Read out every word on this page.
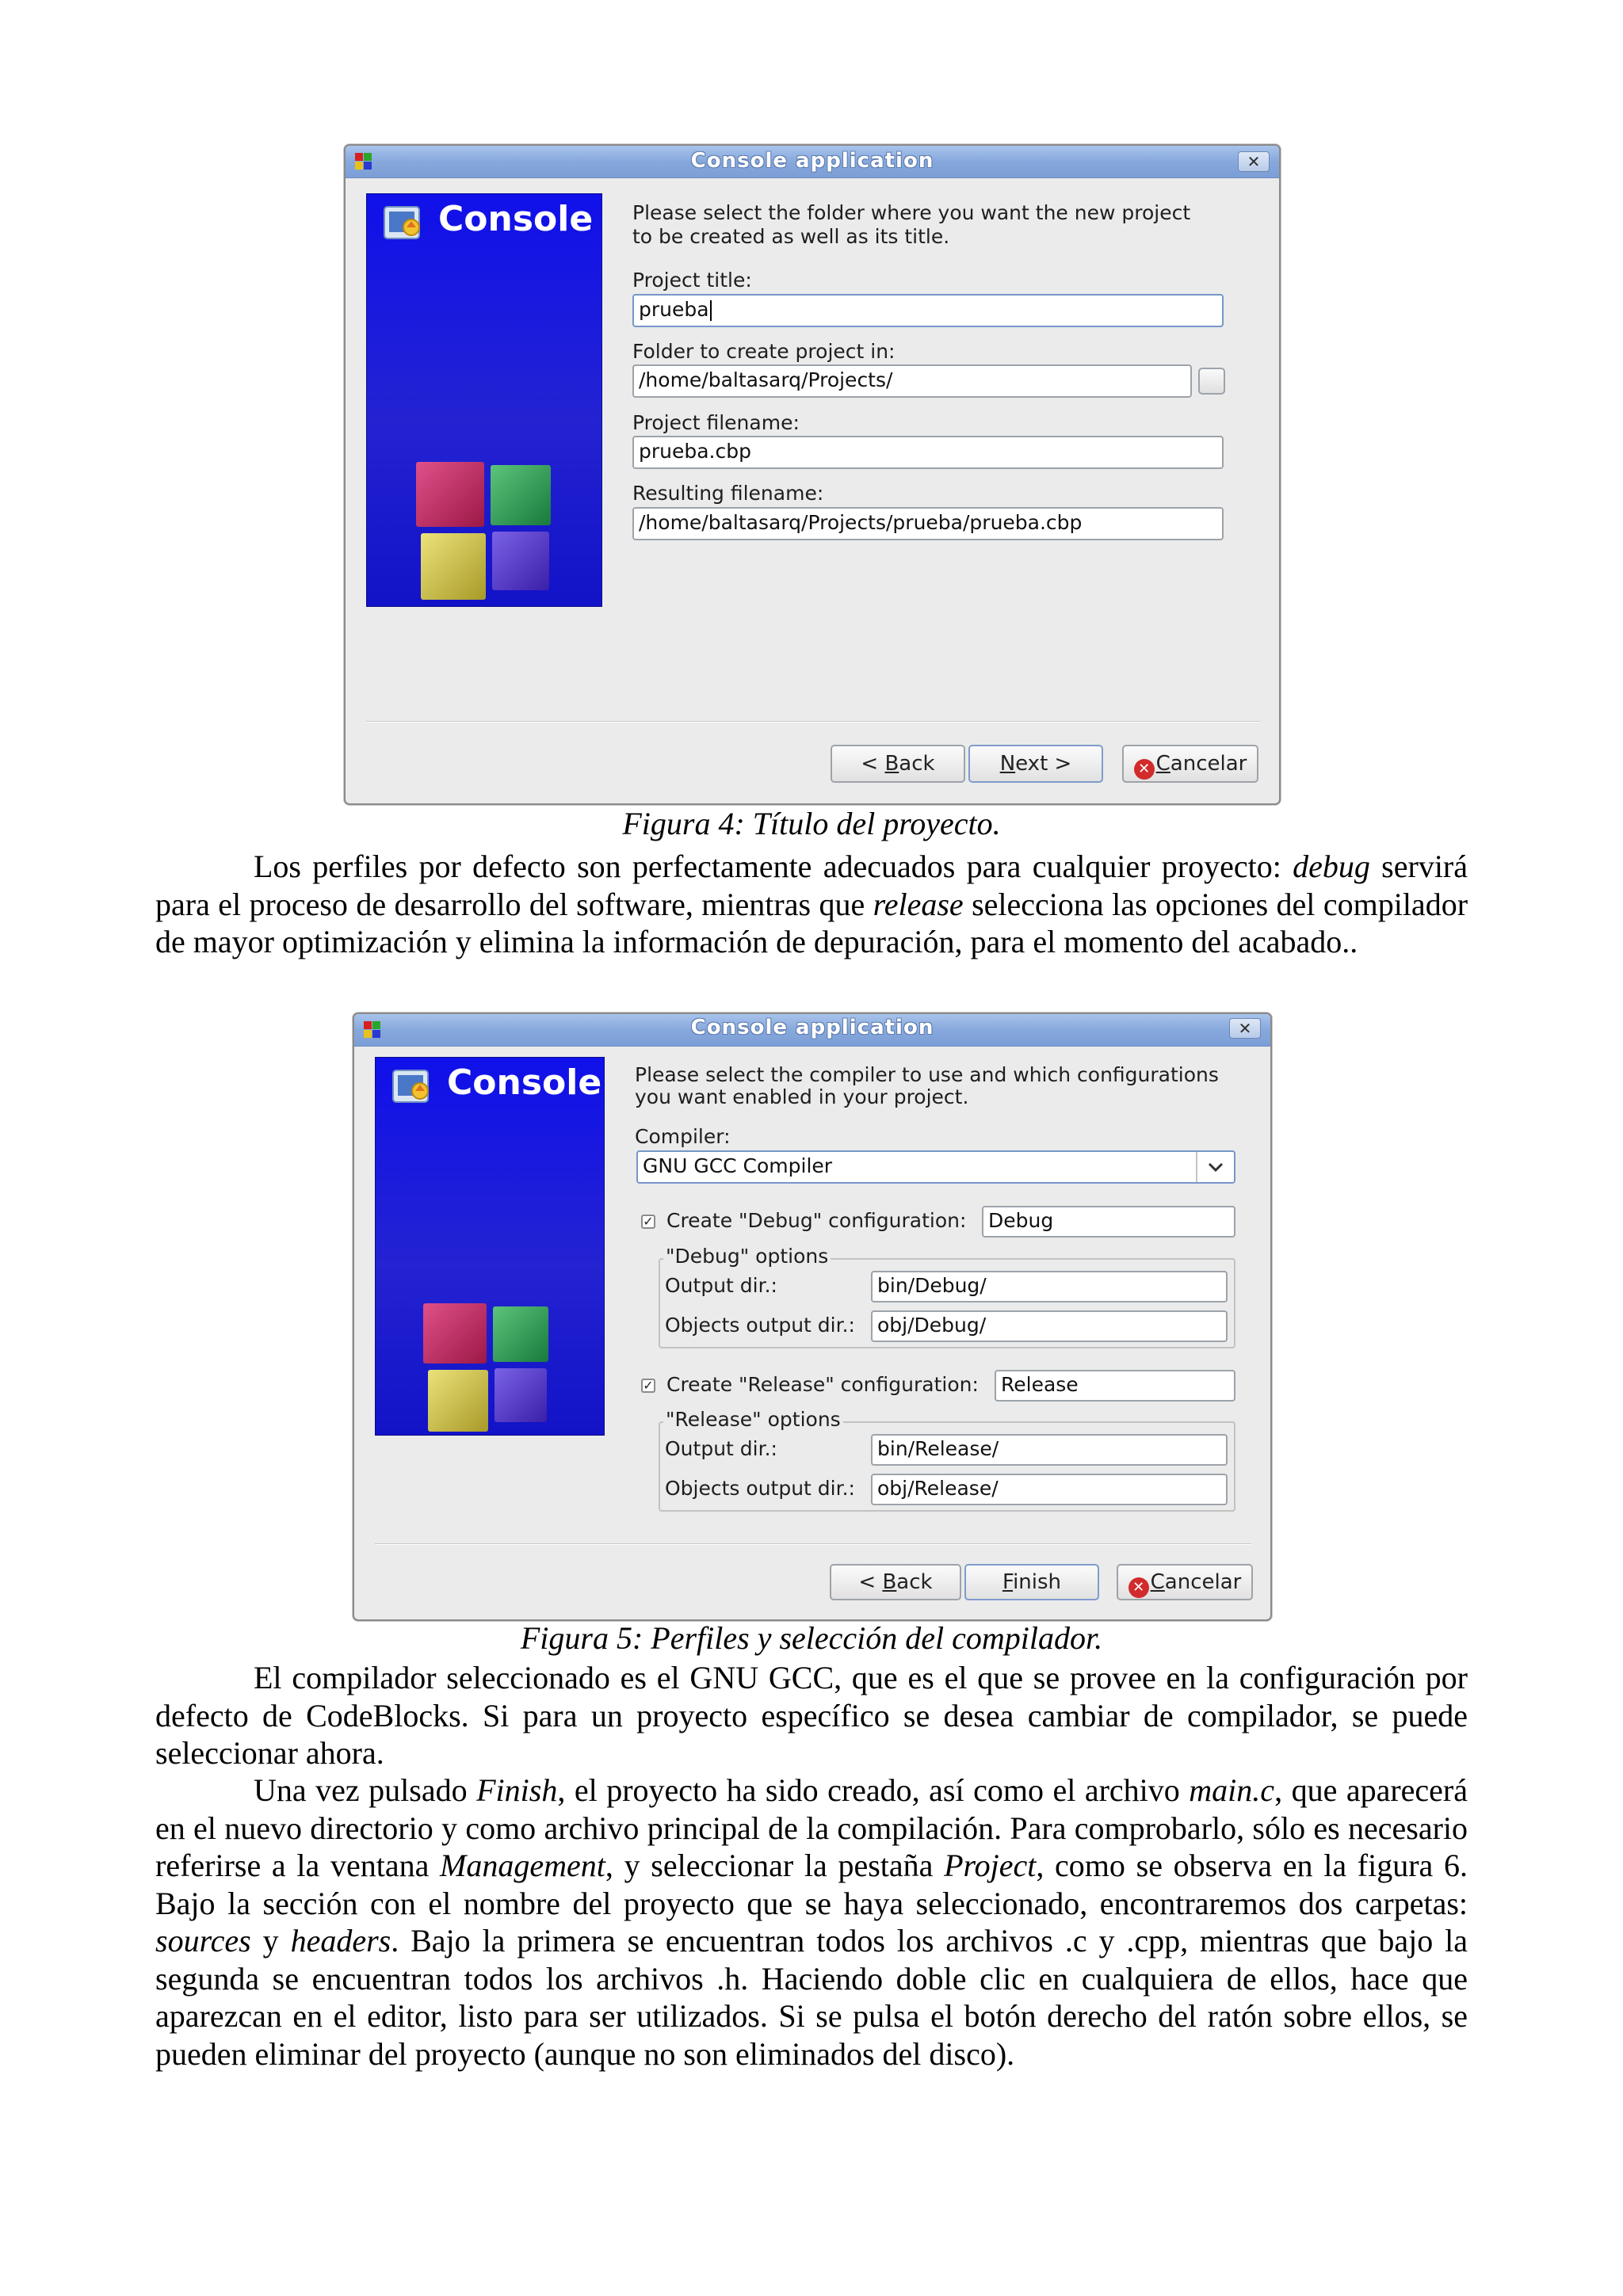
Console application	✕
Console Please select the folder where you want the new project
to be created as well as its title.
Project title:
prueba
Folder to create project in:
/home/baltasarq/Projects/
Project filename:
prueba.cbp
Resulting filename:
/home/baltasarq/Projects/prueba/prueba.cbp
< Back	Next >	✕ Cancelar
Figura 4: Título del proyecto.

Los perfiles por defecto son perfectamente adecuados para cualquier proyecto: debug servirá para el proceso de desarrollo del software, mientras que release selecciona las opciones del compilador de mayor optimización y elimina la información de depuración, para el momento del acabado..

Console application	✕
Console Please select the compiler to use and which configurations
you want enabled in your project.
Compiler:
GNU GCC Compiler
✓ Create "Debug" configuration:	Debug
"Debug" options
Output dir.:	bin/Debug/
Objects output dir.:	obj/Debug/
✓ Create "Release" configuration:	Release
"Release" options
Output dir.:	bin/Release/
Objects output dir.:	obj/Release/
< Back	Finish	✕ Cancelar
Figura 5: Perfiles y selección del compilador.

El compilador seleccionado es el GNU GCC, que es el que se provee en la configuración por defecto de CodeBlocks. Si para un proyecto específico se desea cambiar de compilador, se puede seleccionar ahora.

Una vez pulsado Finish, el proyecto ha sido creado, así como el archivo main.c, que aparecerá en el nuevo directorio y como archivo principal de la compilación. Para comprobarlo, sólo es necesario referirse a la ventana Management, y seleccionar la pestaña Project, como se observa en la figura 6. Bajo la sección con el nombre del proyecto que se haya seleccionado, encontraremos dos carpetas: sources y headers. Bajo la primera se encuentran todos los archivos .c y .cpp, mientras que bajo la segunda se encuentran todos los archivos .h. Haciendo doble clic en cualquiera de ellos, hace que aparezcan en el editor, listo para ser utilizados. Si se pulsa el botón derecho del ratón sobre ellos, se pueden eliminar del proyecto (aunque no son eliminados del disco).
